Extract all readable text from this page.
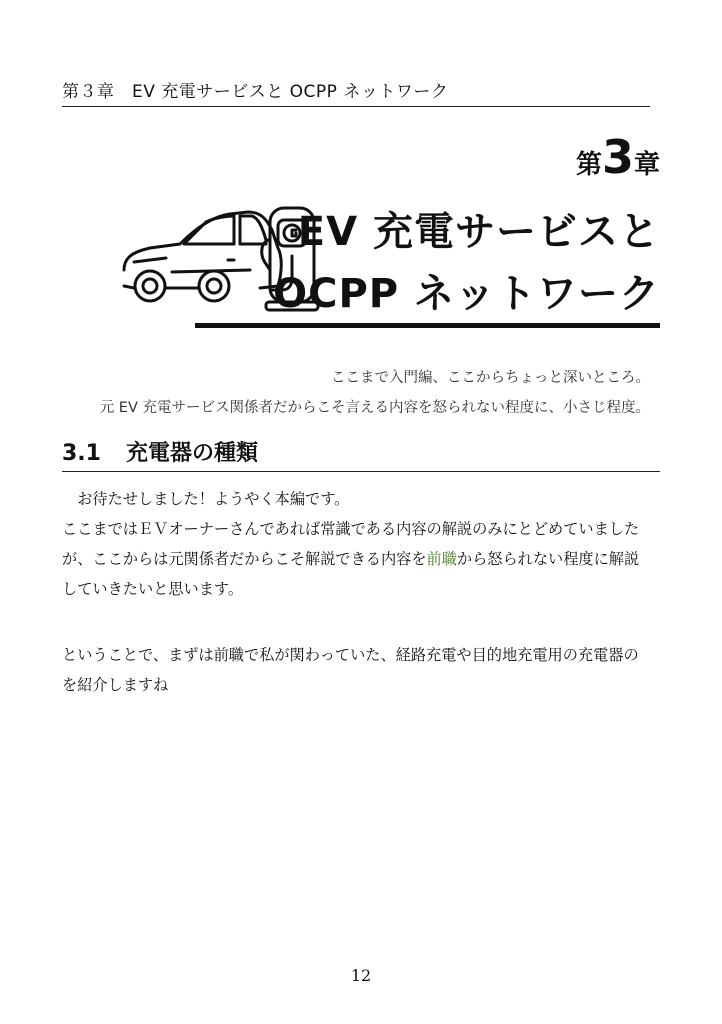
第３章　EV 充電サービスと OCPP ネットワーク
第3章
EV 充電サービスと
OCPP ネットワーク
ここまで入門編、ここからちょっと深いところ。
元 EV 充電サービス関係者だからこそ言える内容を怒られない程度に、小さじ程度。
3.1 充電器の種類
　お待たせしました！ようやく本編です。
ここまではＥＶオーナーさんであれば常識である内容の解説のみにとどめていました
が、ここからは元関係者だからこそ解説できる内容を前職から怒られない程度に解説
していきたいと思います。
ということで、まずは前職で私が関わっていた、経路充電や目的地充電用の充電器の
を紹介しますね
12
